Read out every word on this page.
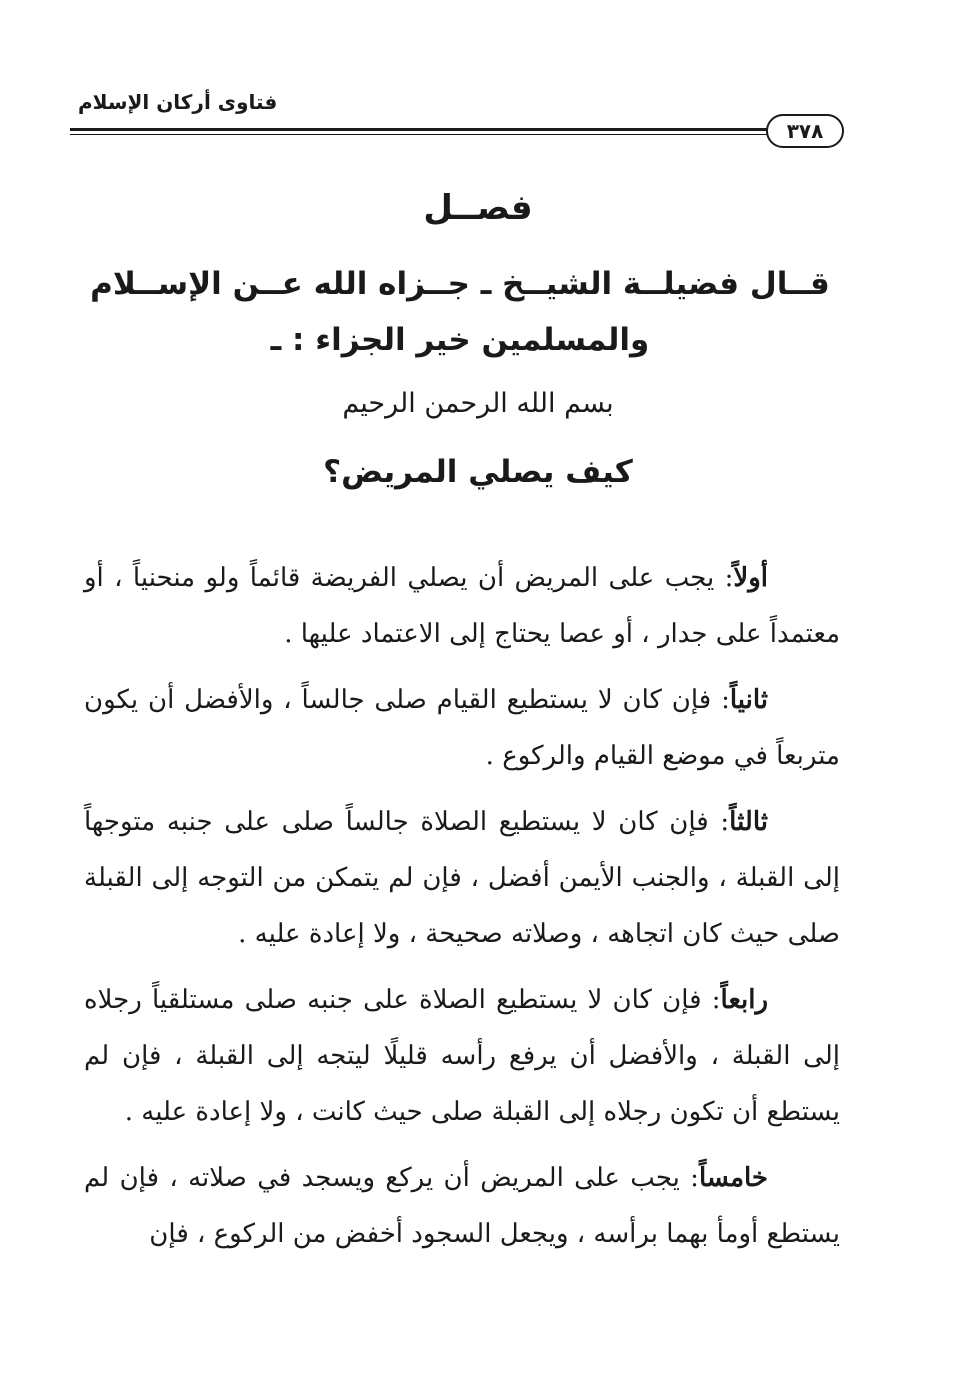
فتاوى أركان الإسلام
٣٧٨
فصــل
قــال فضيلــة الشيــخ ـ جــزاه الله عــن الإســلام والمسلمين خير الجزاء : ـ
بسم الله الرحمن الرحيم
كيف يصلي المريض؟

أولاً: يجب على المريض أن يصلي الفريضة قائماً ولو منحنياً ، أو معتمداً على جدار ، أو عصا يحتاج إلى الاعتماد عليها .

ثانياً: فإن كان لا يستطيع القيام صلى جالساً ، والأفضل أن يكون متربعاً في موضع القيام والركوع .

ثالثاً: فإن كان لا يستطيع الصلاة جالساً صلى على جنبه متوجهاً إلى القبلة ، والجنب الأيمن أفضل ، فإن لم يتمكن من التوجه إلى القبلة صلى حيث كان اتجاهه ، وصلاته صحيحة ، ولا إعادة عليه .

رابعاً: فإن كان لا يستطيع الصلاة على جنبه صلى مستلقياً رجلاه إلى القبلة ، والأفضل أن يرفع رأسه قليلًا ليتجه إلى القبلة ، فإن لم يستطع أن تكون رجلاه إلى القبلة صلى حيث كانت ، ولا إعادة عليه .

خامساً: يجب على المريض أن يركع ويسجد في صلاته ، فإن لم يستطع أومأ بهما برأسه ، ويجعل السجود أخفض من الركوع ، فإن
